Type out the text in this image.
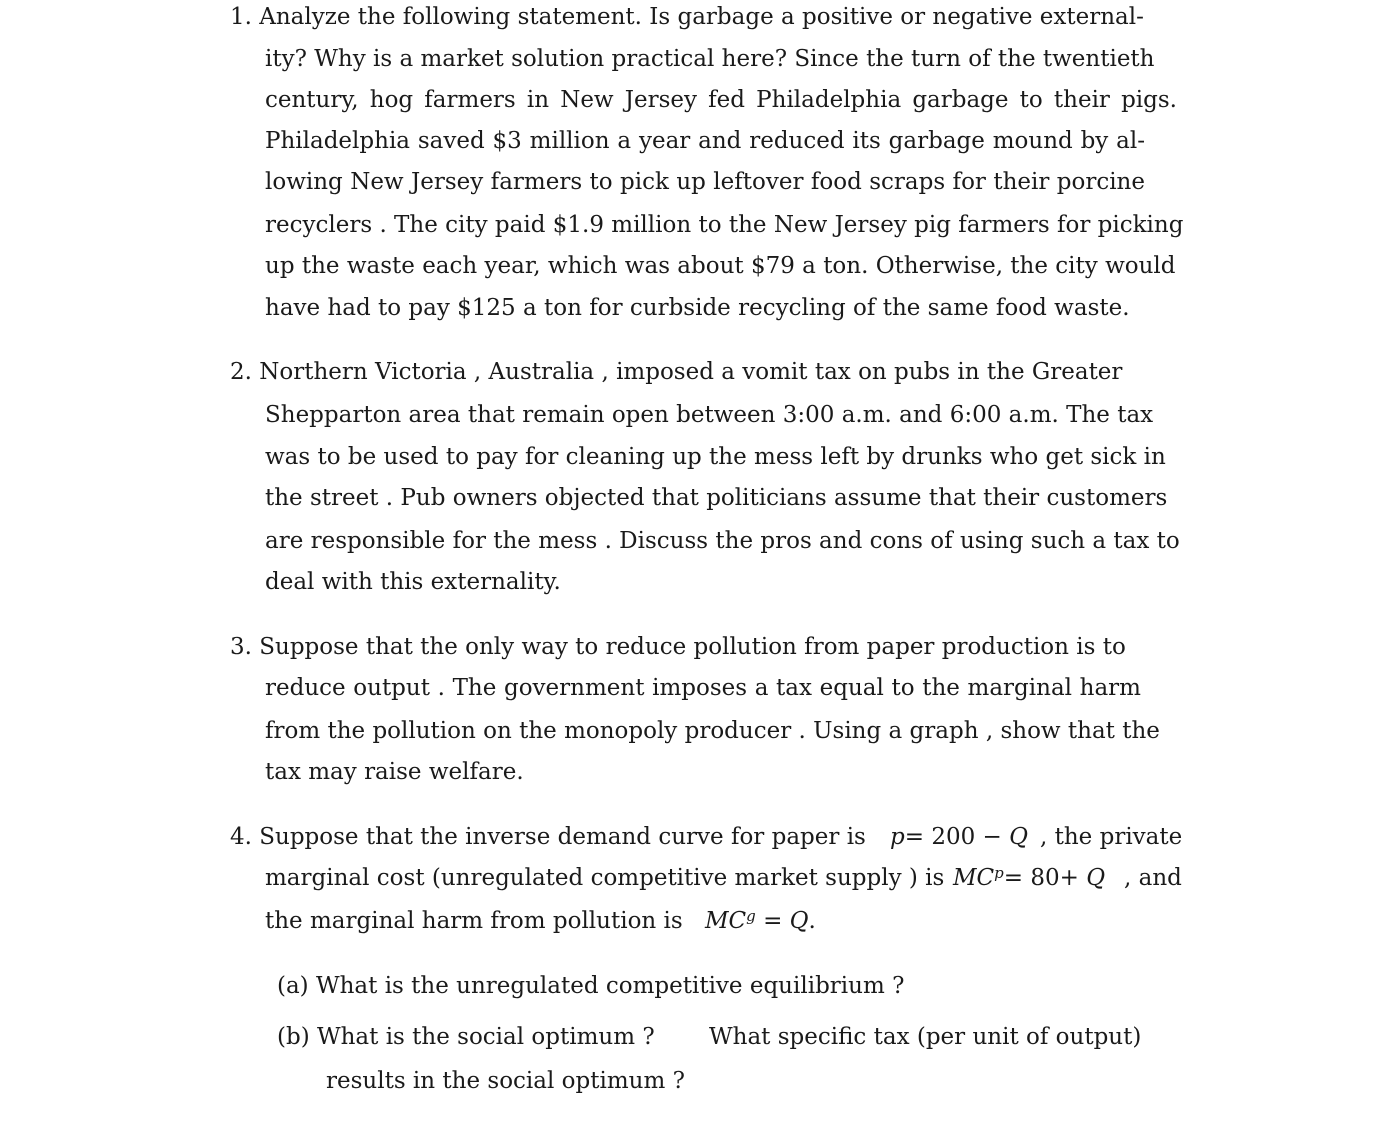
1. Analyze the following statement. Is garbage a positive or negative external-
ity? Why is a market solution practical here? Since the turn of the twentieth
century, hog farmers in New Jersey fed Philadelphia garbage to their pigs.
Philadelphia saved $3 million a year and reduced its garbage mound by al-
lowing New Jersey farmers to pick up leftover food scraps for their porcine
recyclers . The city paid $1.9 million to the New Jersey pig farmers for picking
up the waste each year, which was about $79 a ton. Otherwise, the city would
have had to pay $125 a ton for curbside recycling of the same food waste.
2. Northern Victoria , Australia , imposed a vomit tax on pubs in the Greater
Shepparton area that remain open between 3:00 a.m. and 6:00 a.m. The tax
was to be used to pay for cleaning up the mess left by drunks who get sick in
the street . Pub owners objected that politicians assume that their customers
are responsible for the mess . Discuss the pros and cons of using such a tax to
deal with this externality.
3. Suppose that the only way to reduce pollution from paper production is to
reduce output . The government imposes a tax equal to the marginal harm
from the pollution on the monopoly producer . Using a graph , show that the
tax may raise welfare.
4. Suppose that the inverse demand curve for paper is p= 200 − Q , the private
marginal cost (unregulated competitive market supply ) is $MC^p= 80+ Q$ , and
the marginal harm from pollution is $MC^g = Q$.
(a) What is the unregulated competitive equilibrium ?
(b) What is the social optimum ? What specific tax (per unit of output)
results in the social optimum ?
